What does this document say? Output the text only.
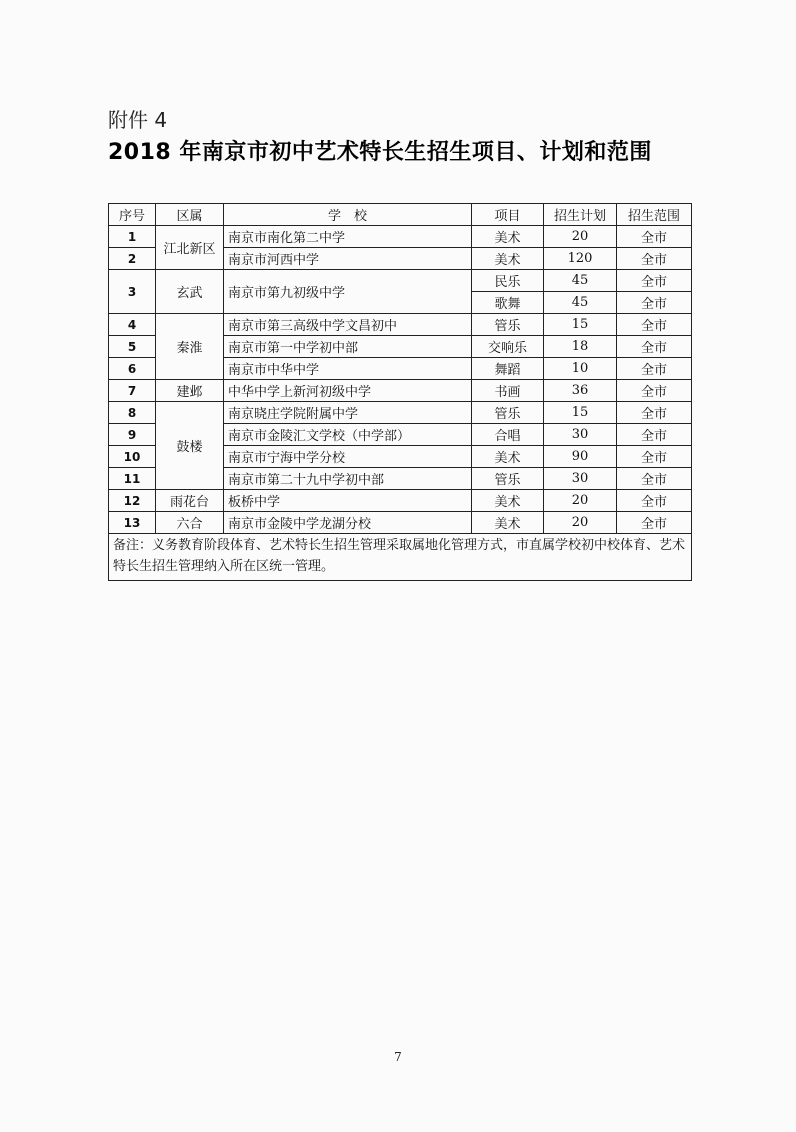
附件 4
2018 年南京市初中艺术特长生招生项目、计划和范围
序号	区属	学　校	项目	招生计划	招生范围
1	江北新区	南京市南化第二中学	美术	20	全市
2		南京市河西中学	美术	120	全市
3	玄武	南京市第九初级中学	民乐	45	全市
			歌舞	45	全市
4	秦淮	南京市第三高级中学文昌初中	管乐	15	全市
5		南京市第一中学初中部	交响乐	18	全市
6		南京市中华中学	舞蹈	10	全市
7	建邺	中华中学上新河初级中学	书画	36	全市
8	鼓楼	南京晓庄学院附属中学	管乐	15	全市
9		南京市金陵汇文学校（中学部）	合唱	30	全市
10		南京市宁海中学分校	美术	90	全市
11		南京市第二十九中学初中部	管乐	30	全市
12	雨花台	板桥中学	美术	20	全市
13	六合	南京市金陵中学龙湖分校	美术	20	全市
备注：义务教育阶段体育、艺术特长生招生管理采取属地化管理方式，市直属学校初中校体育、艺术特长生招生管理纳入所在区统一管理。					
7
